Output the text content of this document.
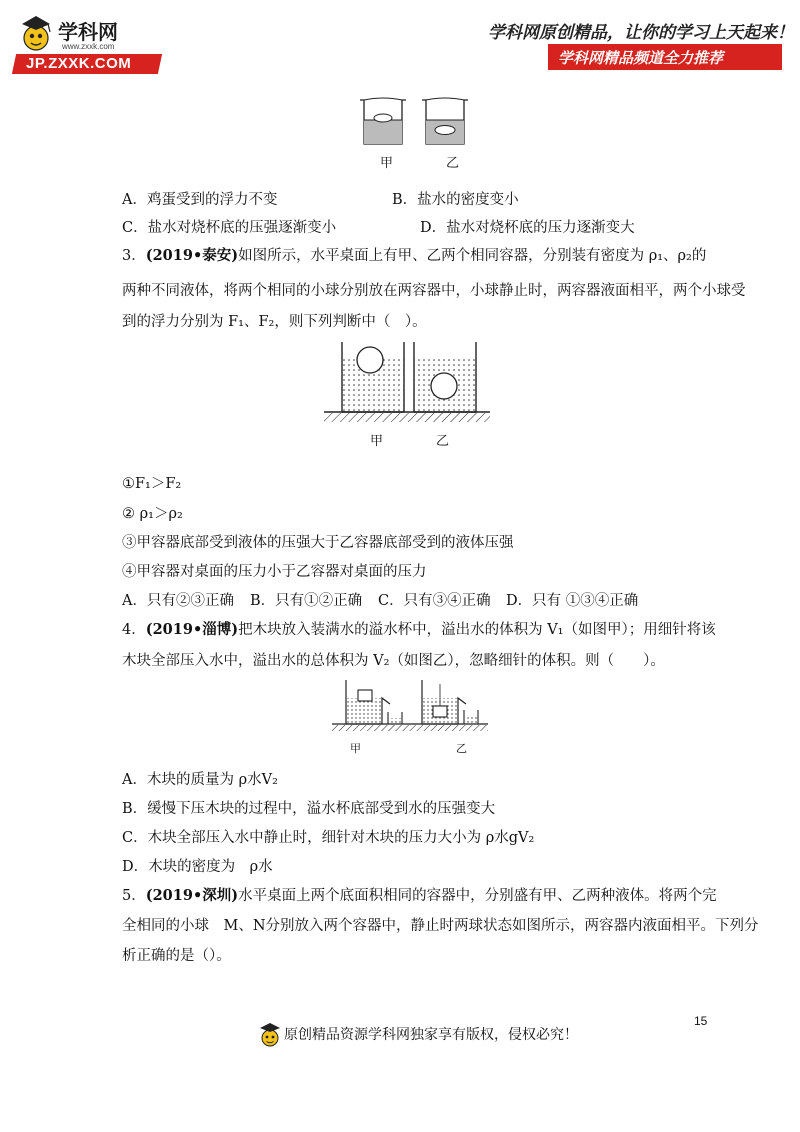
学科网
www.zxxk.com
JP.ZXXK.COM
学科网原创精品，让你的学习上天起来！
学科网精品频道全力推荐
甲	乙
A．鸡蛋受到的浮力不变	B．盐水的密度变小
C．盐水对烧杯底的压强逐渐变小	D．盐水对烧杯底的压力逐渐变大
3．(2019•泰安)如图所示，水平桌面上有甲、乙两个相同容器，分别装有密度为 ρ₁、ρ₂的
两种不同液体，将两个相同的小球分别放在两容器中，小球静止时，两容器液面相平，两个小球受
到的浮力分别为 F₁、F₂，则下列判断中（　）。
甲	乙
①F₁＞F₂
② ρ₁＞ρ₂
③甲容器底部受到液体的压强大于乙容器底部受到的液体压强
④甲容器对桌面的压力小于乙容器对桌面的压力
A．只有②③正确 B．只有①②正确 C．只有③④正确 D．只有 ①③④正确
4．(2019•淄博)把木块放入装满水的溢水杯中，溢出水的体积为 V₁（如图甲）；用细针将该
木块全部压入水中，溢出水的总体积为 V₂（如图乙），忽略细针的体积。则（　　）。
甲	乙
A．木块的质量为 ρ水V₂
B．缓慢下压木块的过程中，溢水杯底部受到水的压强变大
C．木块全部压入水中静止时，细针对木块的压力大小为 ρ水gV₂
D．木块的密度为　ρ水
5．(2019•深圳)水平桌面上两个底面积相同的容器中，分别盛有甲、乙两种液体。将两个完
全相同的小球　M、N分别放入两个容器中，静止时两球状态如图所示，两容器内液面相平。下列分
析正确的是（）。
15
原创精品资源学科网独家享有版权，侵权必究！
